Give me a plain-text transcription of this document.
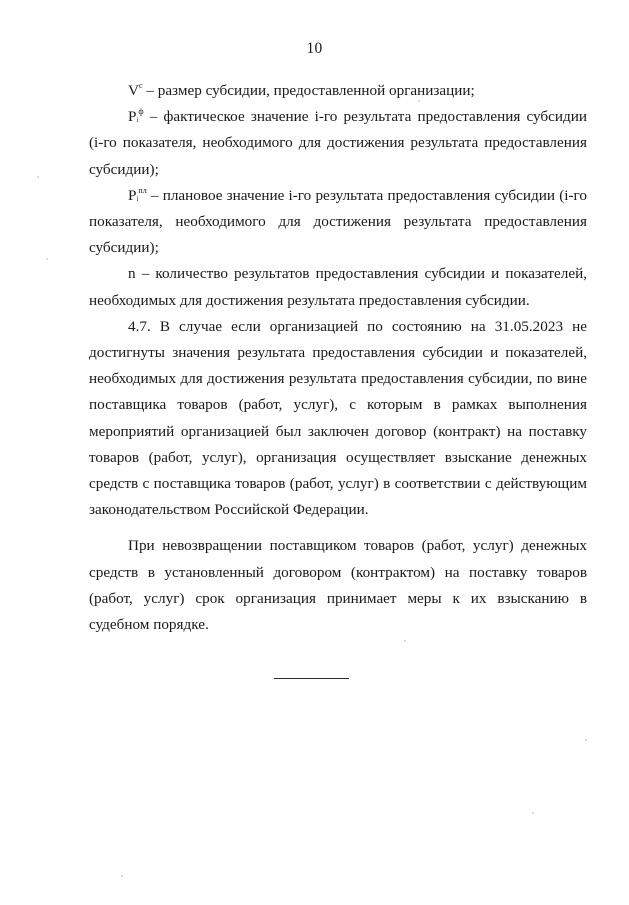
10

$V^c$ – размер субсидии, предоставленной организации;

$P_i^ф$ – фактическое значение i-го результата предоставления субсидии (i-го показателя, необходимого для достижения результата предоставления субсидии);

$P_i^{пл}$ – плановое значение i-го результата предоставления субсидии (i-го показателя, необходимого для достижения результата предоставления субсидии);

n – количество результатов предоставления субсидии и показателей, необходимых для достижения результата предоставления субсидии.

4.7. В случае если организацией по состоянию на 31.05.2023 не достигнуты значения результата предоставления субсидии и показателей, необходимых для достижения результата предоставления субсидии, по вине поставщика товаров (работ, услуг), с которым в рамках выполнения мероприятий организацией был заключен договор (контракт) на поставку товаров (работ, услуг), организация осуществляет взыскание денежных средств с поставщика товаров (работ, услуг) в соответствии с действующим законодательством Российской Федерации.

При невозвращении поставщиком товаров (работ, услуг) денежных средств в установленный договором (контрактом) на поставку товаров (работ, услуг) срок организация принимает меры к их взысканию в судебном порядке.
